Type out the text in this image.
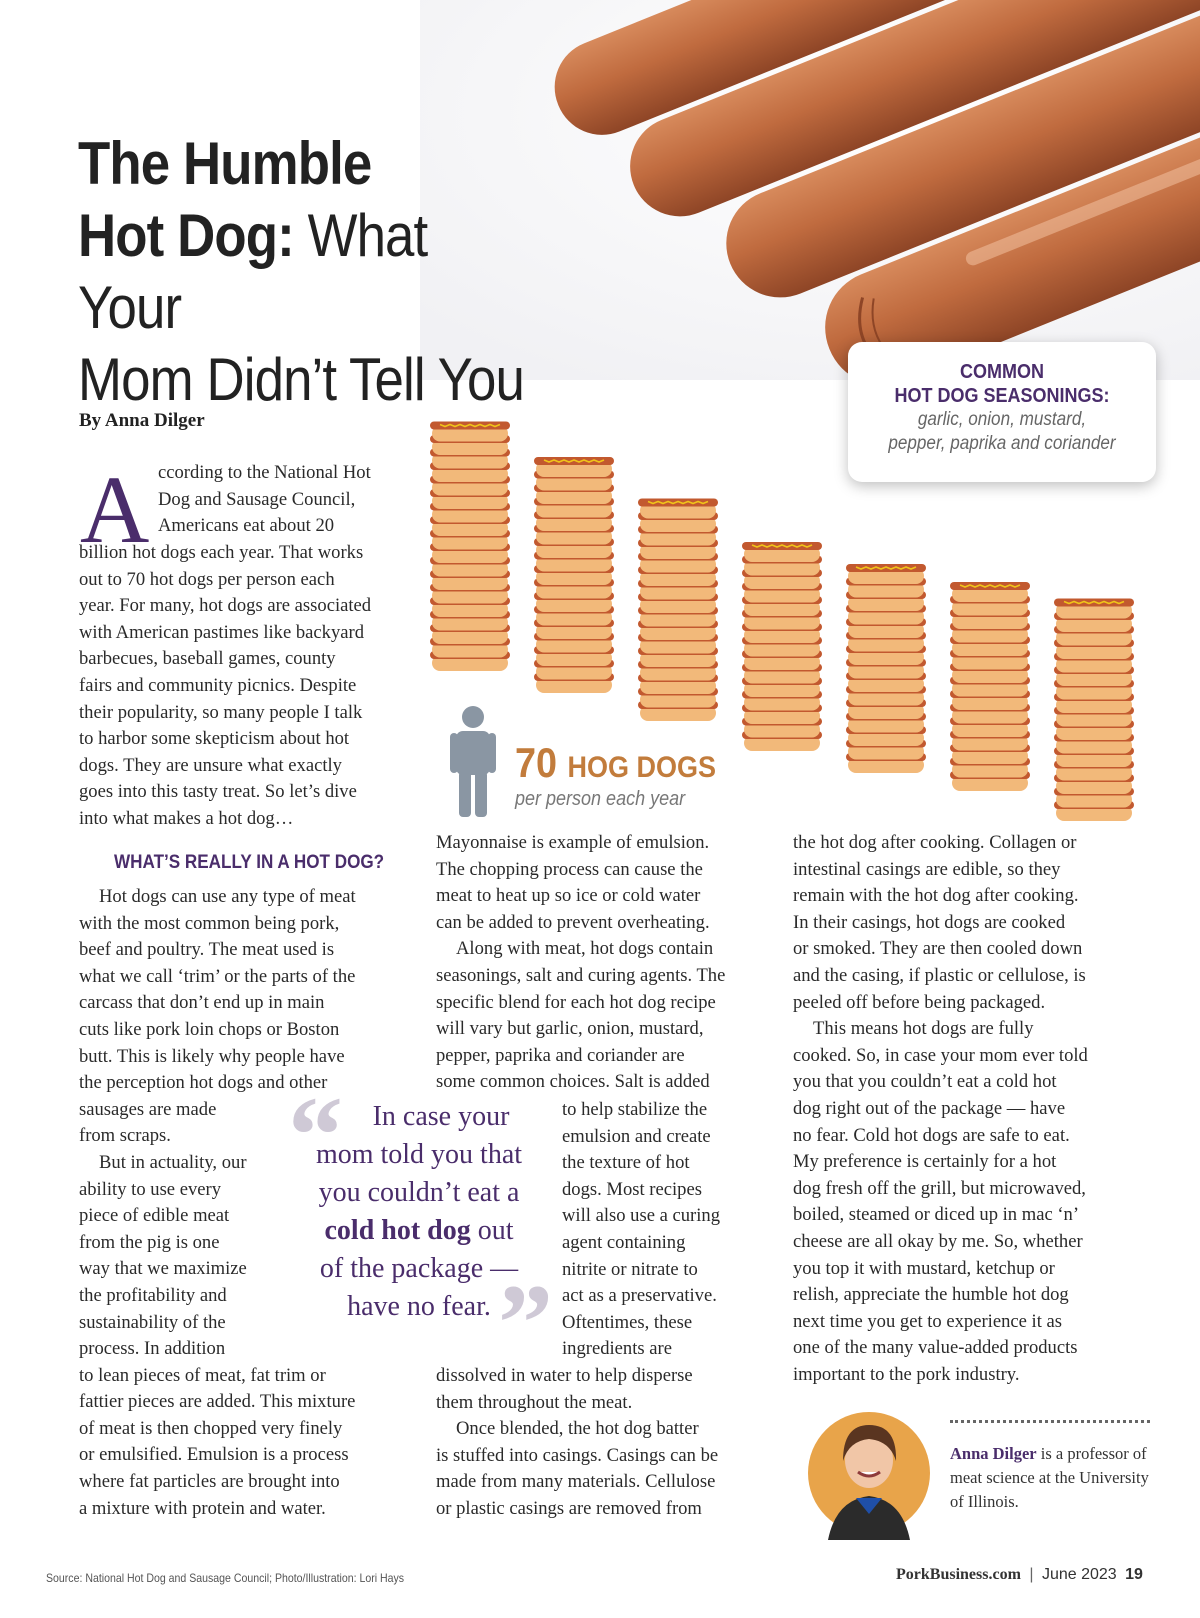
The Humble
Hot Dog: What Your
Mom Didn’t Tell You	COMMON
HOT DOG SEASONINGS:
garlic, onion, mustard,
pepper, paprika and coriander
By Anna Dilger
A ccording to the National Hot

Dog and Sausage Council,

Americans eat about 20

billion hot dogs each year. That works

out to 70 hot dogs per person each

year. For many, hot dogs are associated

with American pastimes like backyard

barbecues, baseball games, county

fairs and community picnics. Despite

their popularity, so many people I talk

to harbor some skepticism about hot

dogs. They are unsure what exactly

goes into this tasty treat. So let’s dive

into what makes a hot dog…

WHAT’S REALLY IN A HOT DOG?

Hot dogs can use any type of meat

with the most common being pork,

beef and poultry. The meat used is

what we call ‘trim’ or the parts of the

carcass that don’t end up in main

cuts like pork loin chops or Boston

butt. This is likely why people have

the perception hot dogs and other

sausages are made

from scraps.

But in actuality, our

ability to use every

piece of edible meat

from the pig is one

way that we maximize

the profitability and

sustainability of the

process. In addition

to lean pieces of meat, fat trim or

fattier pieces are added. This mixture

of meat is then chopped very finely

or emulsified. Emulsion is a process

where fat particles are brought into

a mixture with protein and water.

Mayonnaise is example of emulsion.

The chopping process can cause the

meat to heat up so ice or cold water

can be added to prevent overheating.

Along with meat, hot dogs contain

seasonings, salt and curing agents. The

specific blend for each hot dog recipe

will vary but garlic, onion, mustard,

pepper, paprika and coriander are

some common choices. Salt is added

to help stabilize the

emulsion and create

the texture of hot

dogs. Most recipes

will also use a curing

agent containing

nitrite or nitrate to

act as a preservative.

Oftentimes, these

ingredients are

dissolved in water to help disperse

them throughout the meat.

Once blended, the hot dog batter

is stuffed into casings. Casings can be

made from many materials. Cellulose

or plastic casings are removed from

the hot dog after cooking. Collagen or

intestinal casings are edible, so they

remain with the hot dog after cooking.

In their casings, hot dogs are cooked

or smoked. They are then cooled down

and the casing, if plastic or cellulose, is

peeled off before being packaged.

This means hot dogs are fully

cooked. So, in case your mom ever told

you that you couldn’t eat a cold hot

dog right out of the package — have

no fear. Cold hot dogs are safe to eat.

My preference is certainly for a hot

dog fresh off the grill, but microwaved,

boiled, steamed or diced up in mac ‘n’

cheese are all okay by me. So, whether

you top it with mustard, ketchup or

relish, appreciate the humble hot dog

next time you get to experience it as

one of the many value-added products

important to the pork industry.

“
”
In case your
mom told you that
you couldn’t eat a
cold hot dog out
of the package —
have no fear.
70 HOG DOGS
per person each year
Anna Dilger is a professor of meat science at the University of Illinois.
Source: National Hot Dog and Sausage Council; Photo/Illustration: Lori Hays	PorkBusiness.com | June 2023 19
